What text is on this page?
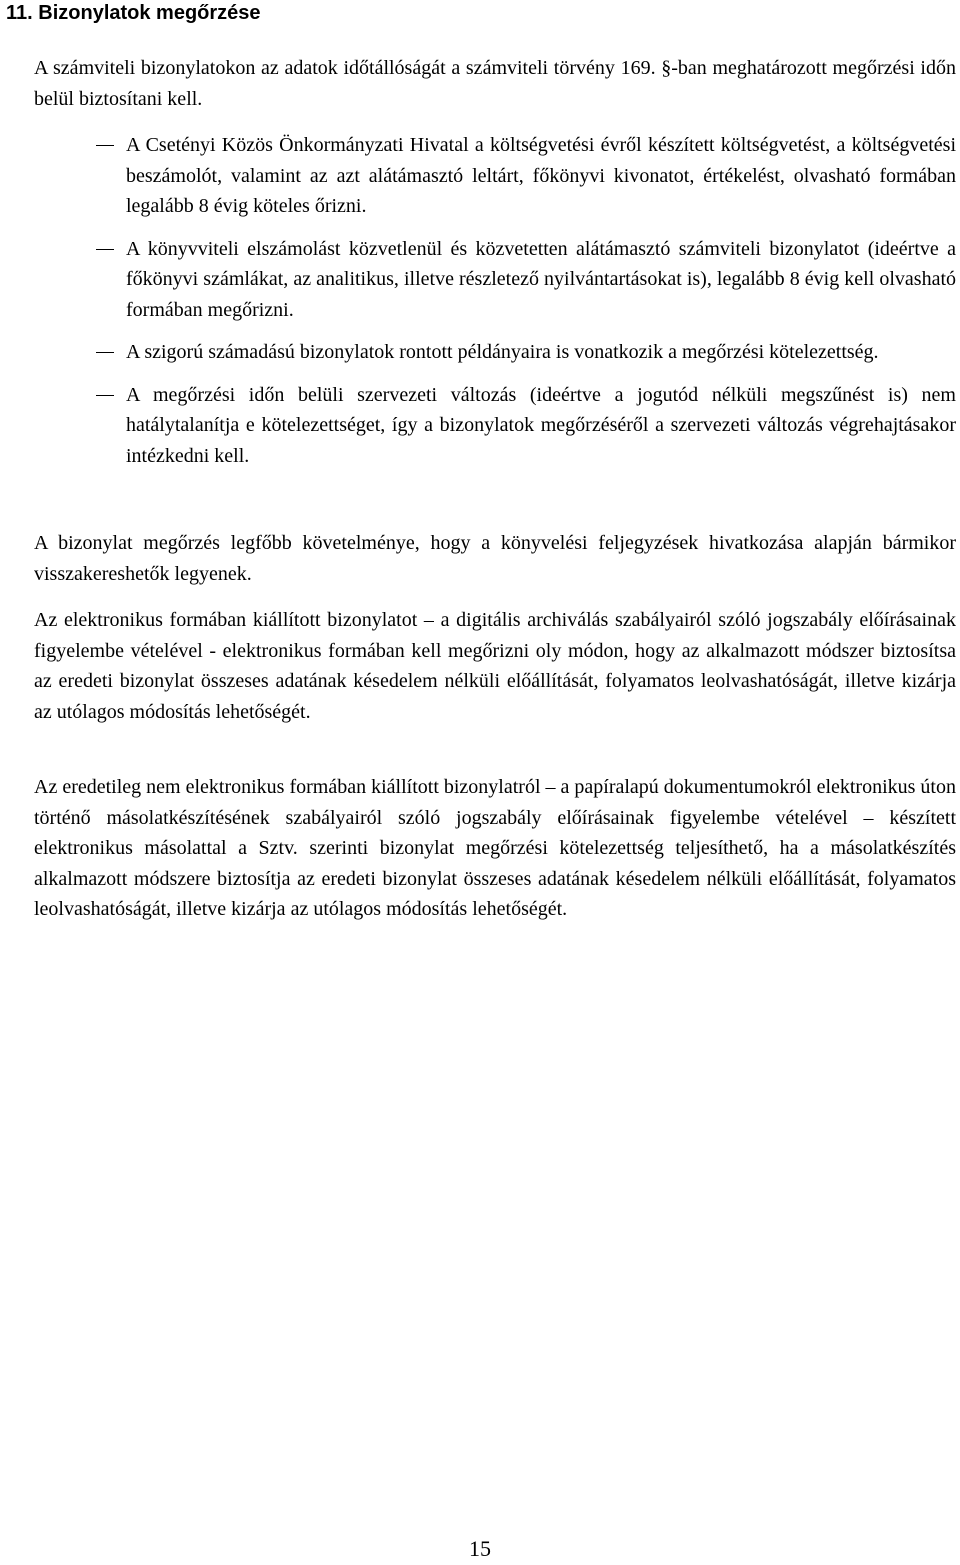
11. Bizonylatok megőrzése

A számviteli bizonylatokon az adatok időtállóságát a számviteli törvény 169. §-ban meghatározott megőrzési időn belül biztosítani kell.

A Csetényi Közös Önkormányzati Hivatal a költségvetési évről készített költségvetést, a költségvetési beszámolót, valamint az azt alátámasztó leltárt, főkönyvi kivonatot, értékelést, olvasható formában legalább 8 évig köteles őrizni.
A könyvviteli elszámolást közvetlenül és közvetetten alátámasztó számviteli bizonylatot (ideértve a főkönyvi számlákat, az analitikus, illetve részletező nyilvántartásokat is), legalább 8 évig kell olvasható formában megőrizni.
A szigorú számadású bizonylatok rontott példányaira is vonatkozik a megőrzési kötelezettség.
A megőrzési időn belüli szervezeti változás (ideértve a jogutód nélküli megszűnést is) nem hatálytalanítja e kötelezettséget, így a bizonylatok megőrzéséről a szervezeti változás végrehajtásakor intézkedni kell.

A bizonylat megőrzés legfőbb követelménye, hogy a könyvelési feljegyzések hivatkozása alapján bármikor visszakereshetők legyenek.

Az elektronikus formában kiállított bizonylatot – a digitális archiválás szabályairól szóló jogszabály előírásainak figyelembe vételével - elektronikus formában kell megőrizni oly módon, hogy az alkalmazott módszer biztosítsa az eredeti bizonylat összeses adatának késedelem nélküli előállítását, folyamatos leolvashatóságát, illetve kizárja az utólagos módosítás lehetőségét.

Az eredetileg nem elektronikus formában kiállított bizonylatról – a papíralapú dokumentumokról elektronikus úton történő másolatkészítésének szabályairól szóló jogszabály előírásainak figyelembe vételével – készített elektronikus másolattal a Sztv. szerinti bizonylat megőrzési kötelezettség teljesíthető, ha a másolatkészítés alkalmazott módszere biztosítja az eredeti bizonylat összeses adatának késedelem nélküli előállítását, folyamatos leolvashatóságát, illetve kizárja az utólagos módosítás lehetőségét.

15
